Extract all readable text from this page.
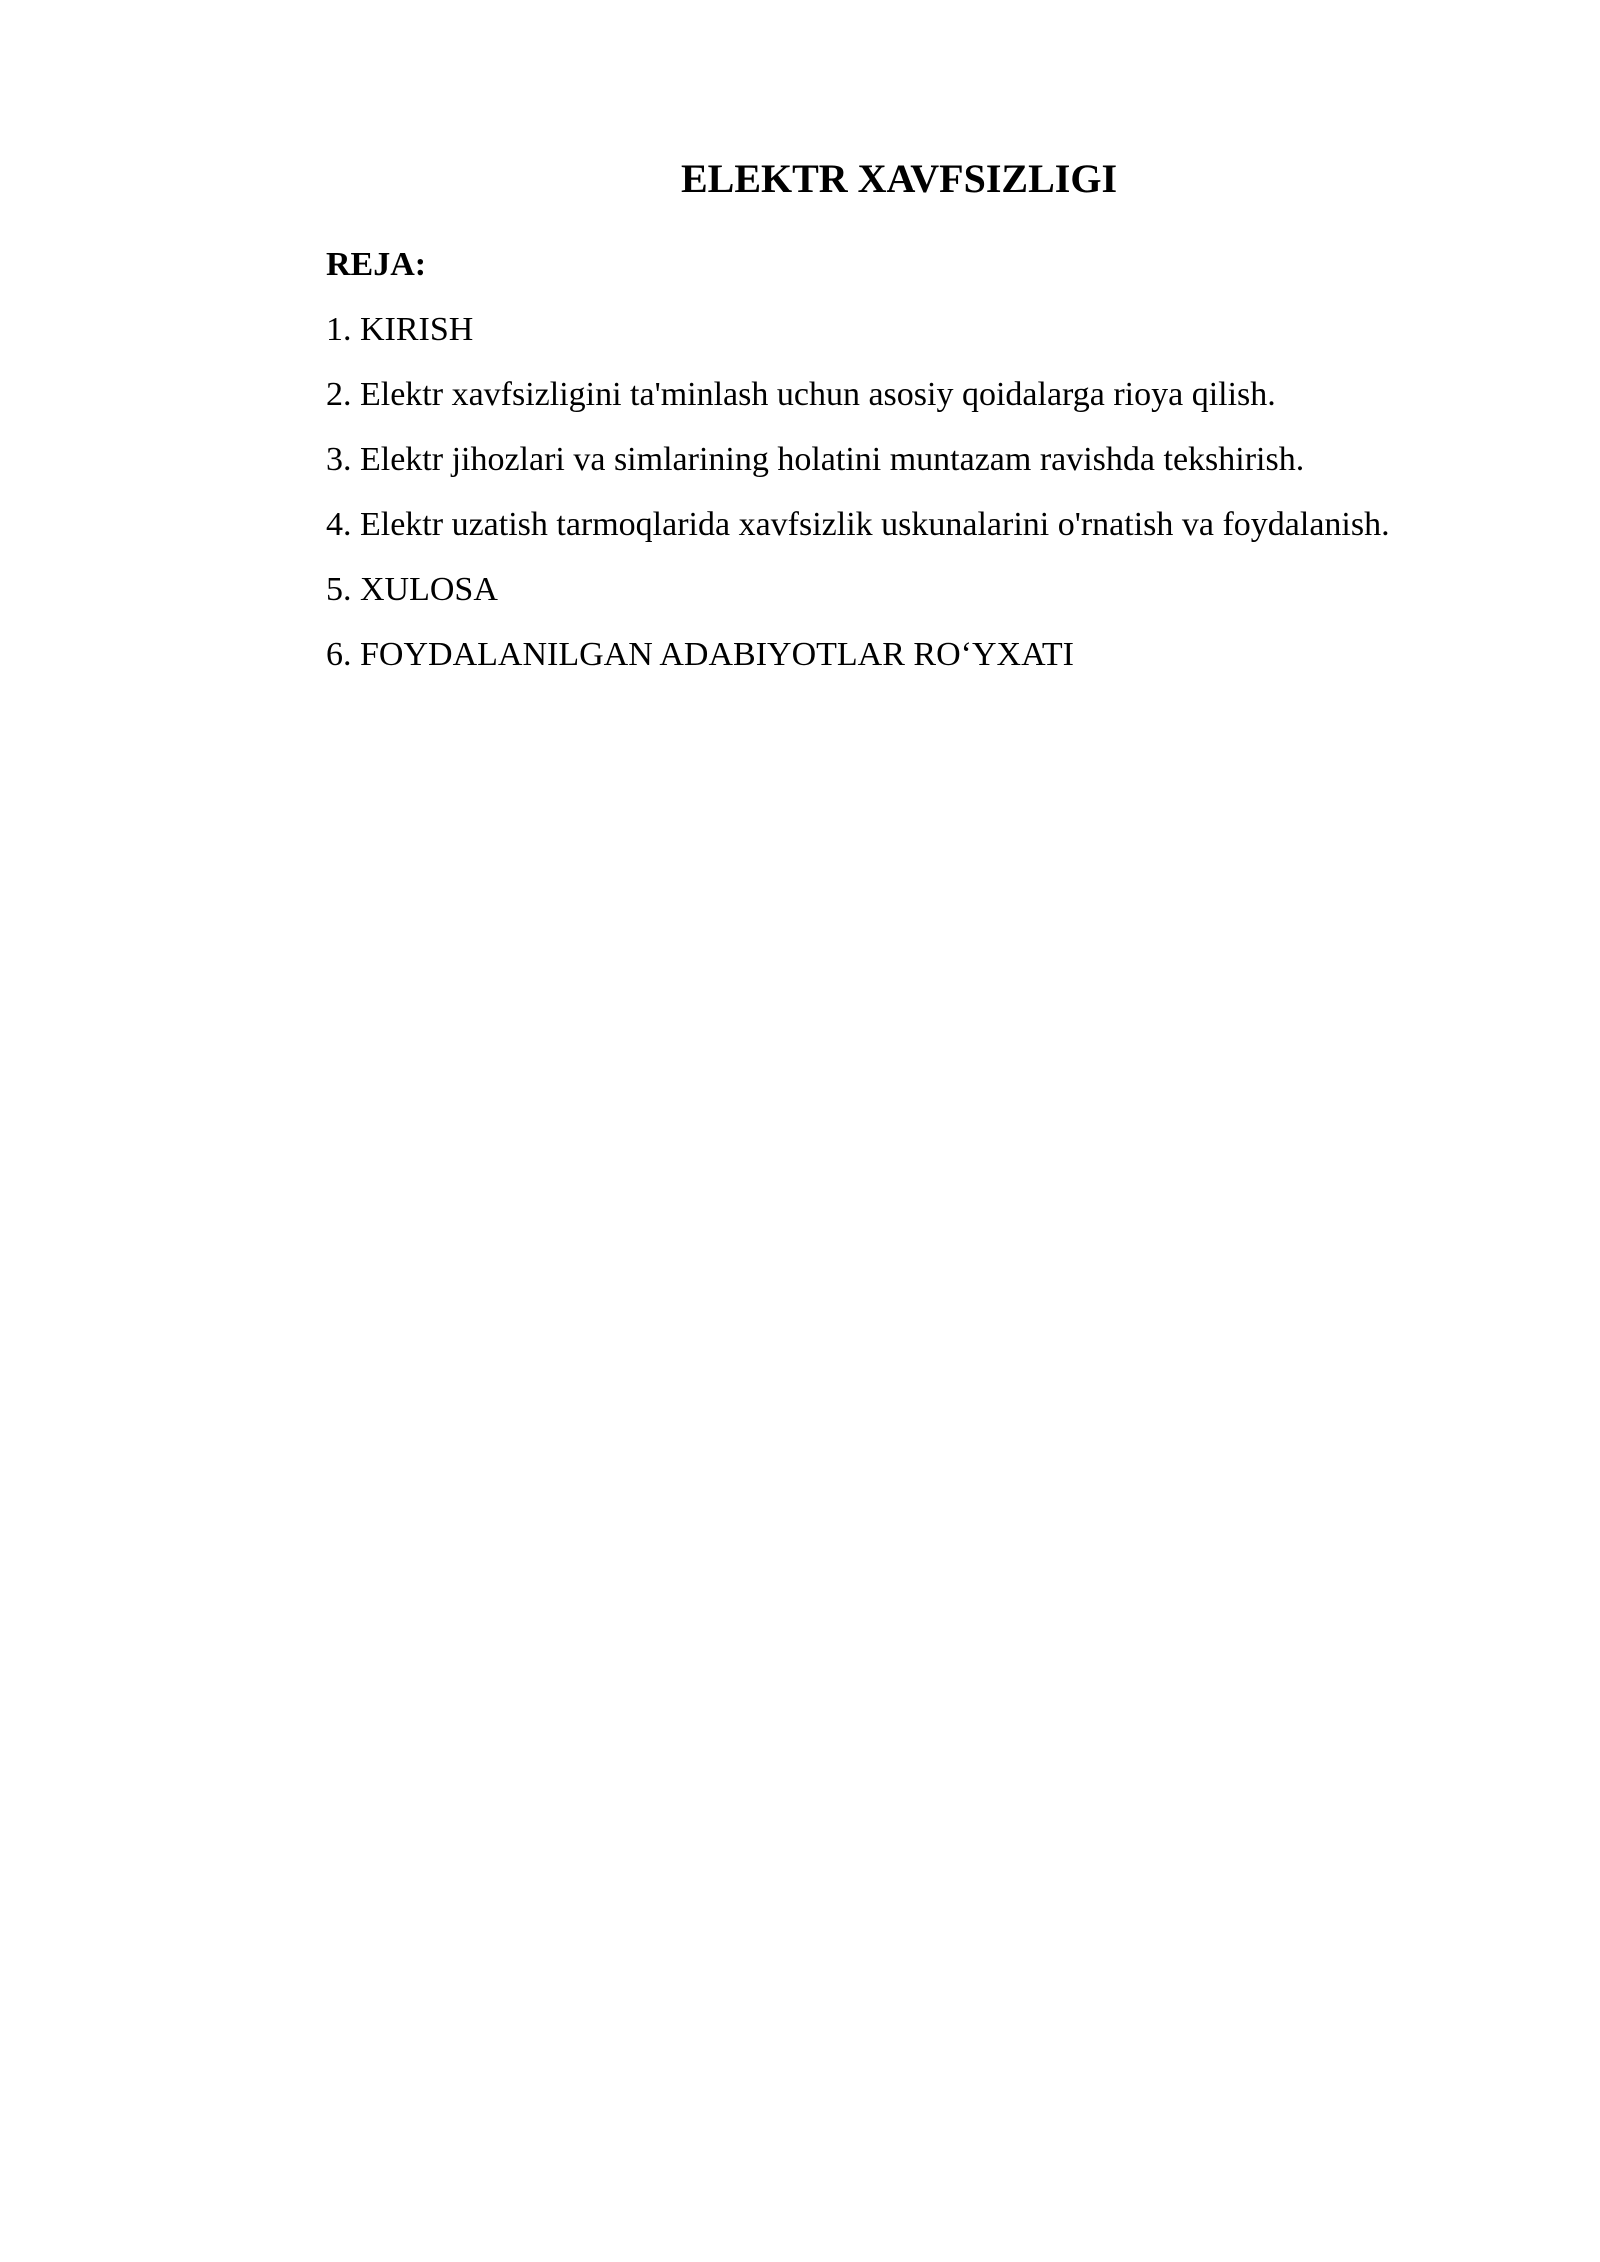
ELEKTR XAVFSIZLIGI

REJA:

1. KIRISH

2. Elektr xavfsizligini ta'minlash uchun asosiy qoidalarga rioya qilish.

3. Elektr jihozlari va simlarining holatini muntazam ravishda tekshirish.

4. Elektr uzatish tarmoqlarida xavfsizlik uskunalarini o'rnatish va foydalanish.

5. XULOSA

6. FOYDALANILGAN ADABIYOTLAR RO‘YXATI
